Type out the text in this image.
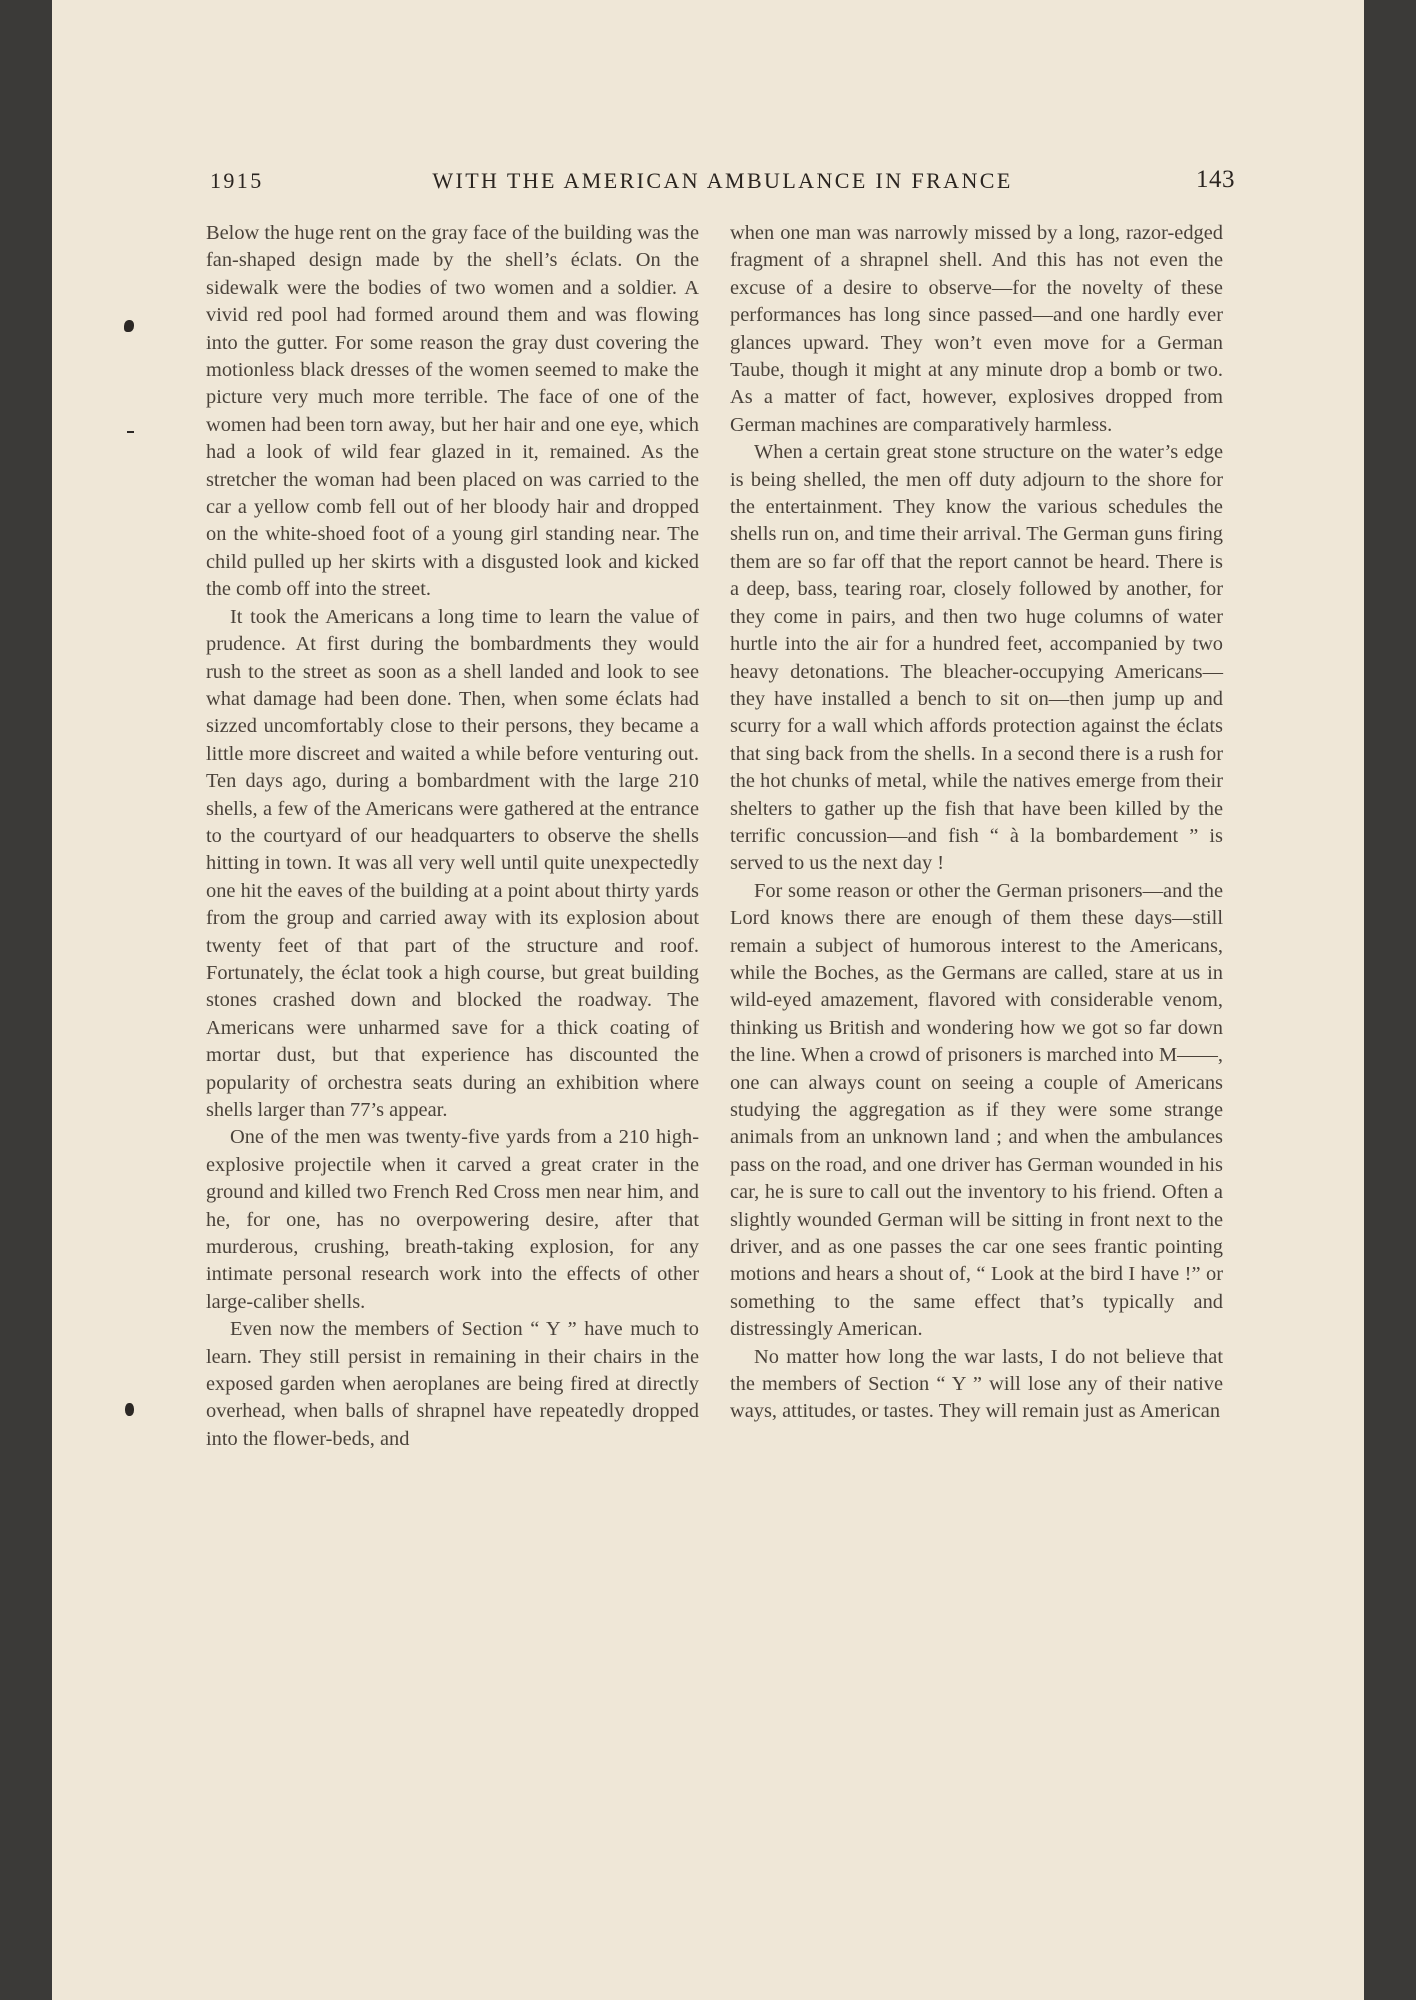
1915	WITH THE AMERICAN AMBULANCE IN FRANCE	143

Below the huge rent on the gray face of the building was the fan-shaped design made by the shell’s éclats. On the sidewalk were the bodies of two women and a soldier. A vivid red pool had formed around them and was flowing into the gutter. For some reason the gray dust covering the motionless black dresses of the women seemed to make the picture very much more terrible. The face of one of the women had been torn away, but her hair and one eye, which had a look of wild fear glazed in it, remained. As the stretcher the woman had been placed on was carried to the car a yellow comb fell out of her bloody hair and dropped on the white-shoed foot of a young girl standing near. The child pulled up her skirts with a disgusted look and kicked the comb off into the street.

It took the Americans a long time to learn the value of prudence. At first during the bombardments they would rush to the street as soon as a shell landed and look to see what damage had been done. Then, when some éclats had sizzed uncomfortably close to their persons, they became a little more discreet and waited a while before venturing out. Ten days ago, during a bombardment with the large 210 shells, a few of the Americans were gathered at the entrance to the courtyard of our headquarters to observe the shells hitting in town. It was all very well until quite unexpectedly one hit the eaves of the building at a point about thirty yards from the group and carried away with its explosion about twenty feet of that part of the structure and roof. Fortunately, the éclat took a high course, but great building stones crashed down and blocked the roadway. The Americans were unharmed save for a thick coating of mortar dust, but that experience has discounted the popularity of orchestra seats during an exhibition where shells larger than 77’s appear.

One of the men was twenty-five yards from a 210 high-explosive projectile when it carved a great crater in the ground and killed two French Red Cross men near him, and he, for one, has no overpowering desire, after that murderous, crushing, breath-taking explosion, for any intimate personal research work into the effects of other large-caliber shells.

Even now the members of Section “ Y ” have much to learn. They still persist in remaining in their chairs in the exposed garden when aeroplanes are being fired at directly overhead, when balls of shrapnel have repeatedly dropped into the flower-beds, and

when one man was narrowly missed by a long, razor-edged fragment of a shrapnel shell. And this has not even the excuse of a desire to observe—for the novelty of these performances has long since passed—and one hardly ever glances upward. They won’t even move for a German Taube, though it might at any minute drop a bomb or two. As a matter of fact, however, explosives dropped from German machines are comparatively harmless.

When a certain great stone structure on the water’s edge is being shelled, the men off duty adjourn to the shore for the entertainment. They know the various schedules the shells run on, and time their arrival. The German guns firing them are so far off that the report cannot be heard. There is a deep, bass, tearing roar, closely followed by another, for they come in pairs, and then two huge columns of water hurtle into the air for a hundred feet, accompanied by two heavy detonations. The bleacher-occupying Americans—they have installed a bench to sit on—then jump up and scurry for a wall which affords protection against the éclats that sing back from the shells. In a second there is a rush for the hot chunks of metal, while the natives emerge from their shelters to gather up the fish that have been killed by the terrific concussion—and fish “ à la bombardement ” is served to us the next day !

For some reason or other the German prisoners—and the Lord knows there are enough of them these days—still remain a subject of humorous interest to the Americans, while the Boches, as the Germans are called, stare at us in wild-eyed amazement, flavored with considerable venom, thinking us British and wondering how we got so far down the line. When a crowd of prisoners is marched into M——, one can always count on seeing a couple of Americans studying the aggregation as if they were some strange animals from an unknown land ; and when the ambulances pass on the road, and one driver has German wounded in his car, he is sure to call out the inventory to his friend. Often a slightly wounded German will be sitting in front next to the driver, and as one passes the car one sees frantic pointing motions and hears a shout of, “ Look at the bird I have !” or something to the same effect that’s typically and distressingly American.

No matter how long the war lasts, I do not believe that the members of Section “ Y ” will lose any of their native ways, attitudes, or tastes. They will remain just as American
